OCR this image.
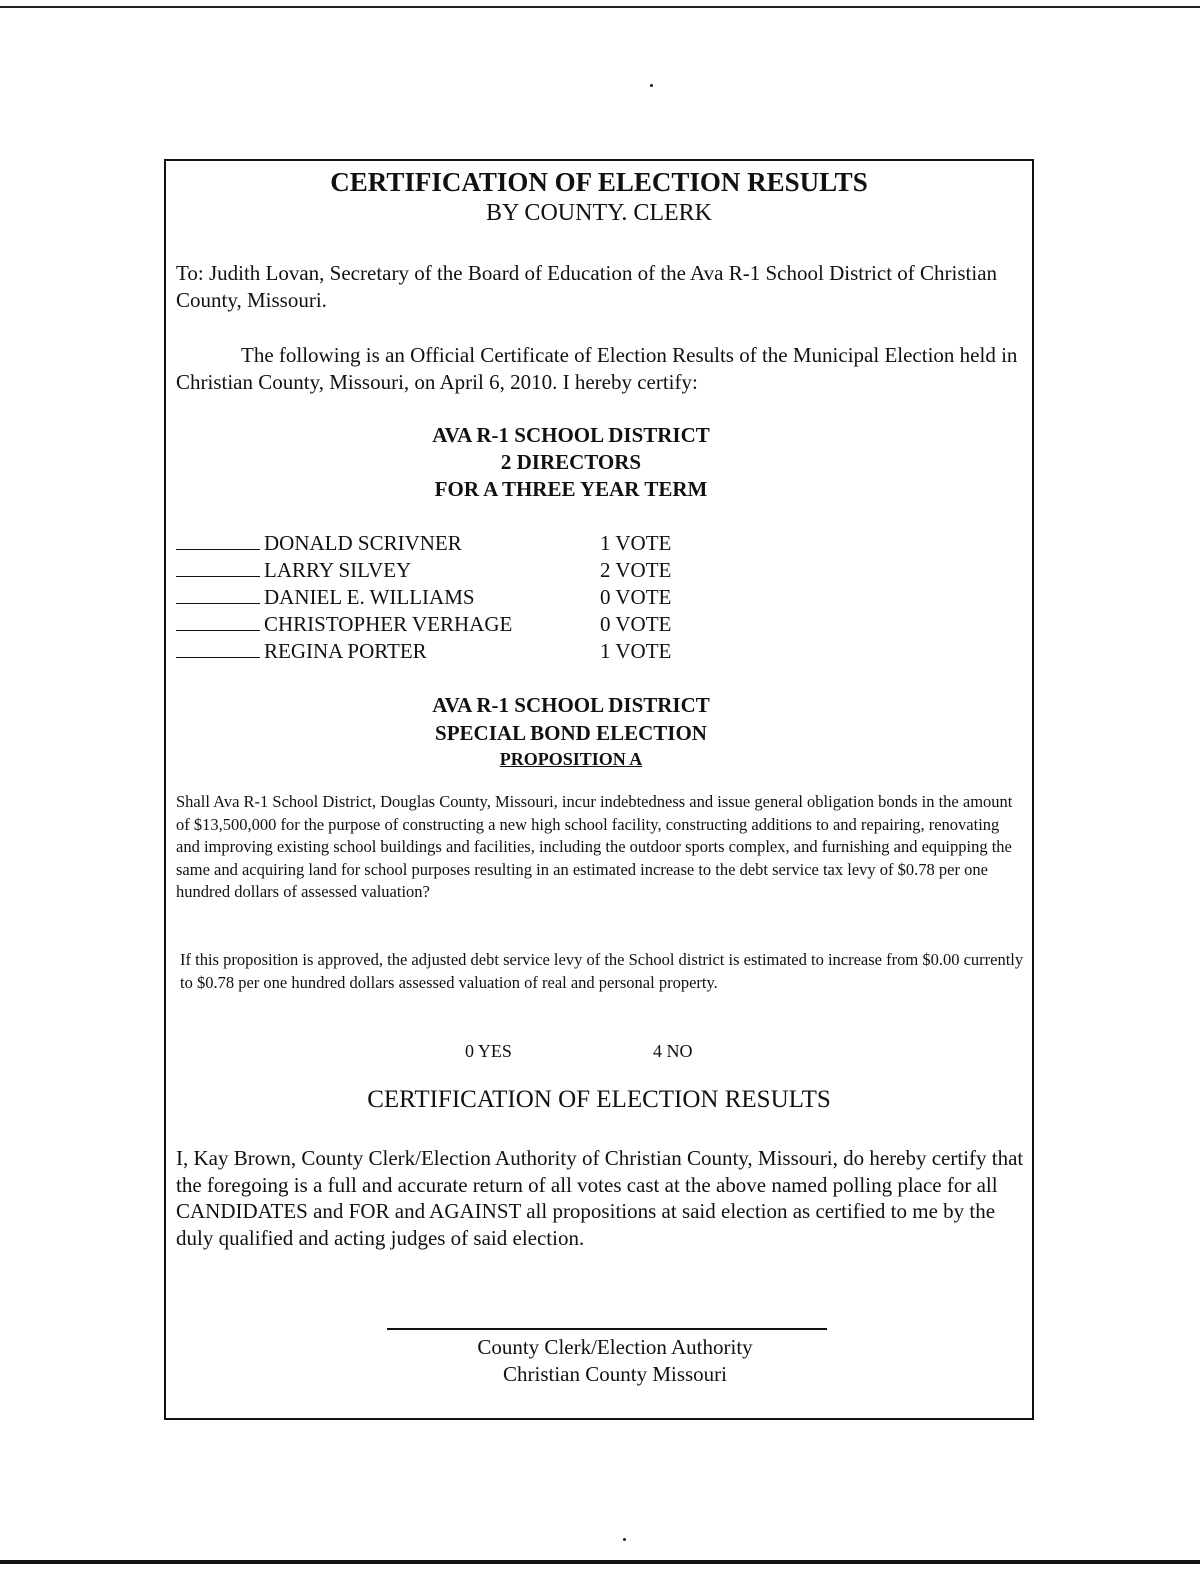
CERTIFICATION OF ELECTION RESULTS
BY COUNTY. CLERK

To: Judith Lovan, Secretary of the Board of Education of the Ava R-1 School District of Christian County, Missouri.

The following is an Official Certificate of Election Results of the Municipal Election held in Christian County, Missouri, on April 6, 2010. I hereby certify:

AVA R-1 SCHOOL DISTRICT
2 DIRECTORS
FOR A THREE YEAR TERM
DONALD SCRIVNER	1 VOTE
LARRY SILVEY	2 VOTE
DANIEL E. WILLIAMS	0 VOTE
CHRISTOPHER VERHAGE	0 VOTE
REGINA PORTER	1 VOTE
AVA R-1 SCHOOL DISTRICT
SPECIAL BOND ELECTION
PROPOSITION A

Shall Ava R-1 School District, Douglas County, Missouri, incur indebtedness and issue general obligation bonds in the amount of $13,500,000 for the purpose of constructing a new high school facility, constructing additions to and repairing, renovating and improving existing school buildings and facilities, including the outdoor sports complex, and furnishing and equipping the same and acquiring land for school purposes resulting in an estimated increase to the debt service tax levy of $0.78 per one hundred dollars of assessed valuation?

If this proposition is approved, the adjusted debt service levy of the School district is estimated to increase from $0.00 currently to $0.78 per one hundred dollars assessed valuation of real and personal property.

0 YES	4 NO
CERTIFICATION OF ELECTION RESULTS

I, Kay Brown, County Clerk/Election Authority of Christian County, Missouri, do hereby certify that the foregoing is a full and accurate return of all votes cast at the above named polling place for all CANDIDATES and FOR and AGAINST all propositions at said election as certified to me by the duly qualified and acting judges of said election.

County Clerk/Election Authority
Christian County Missouri
